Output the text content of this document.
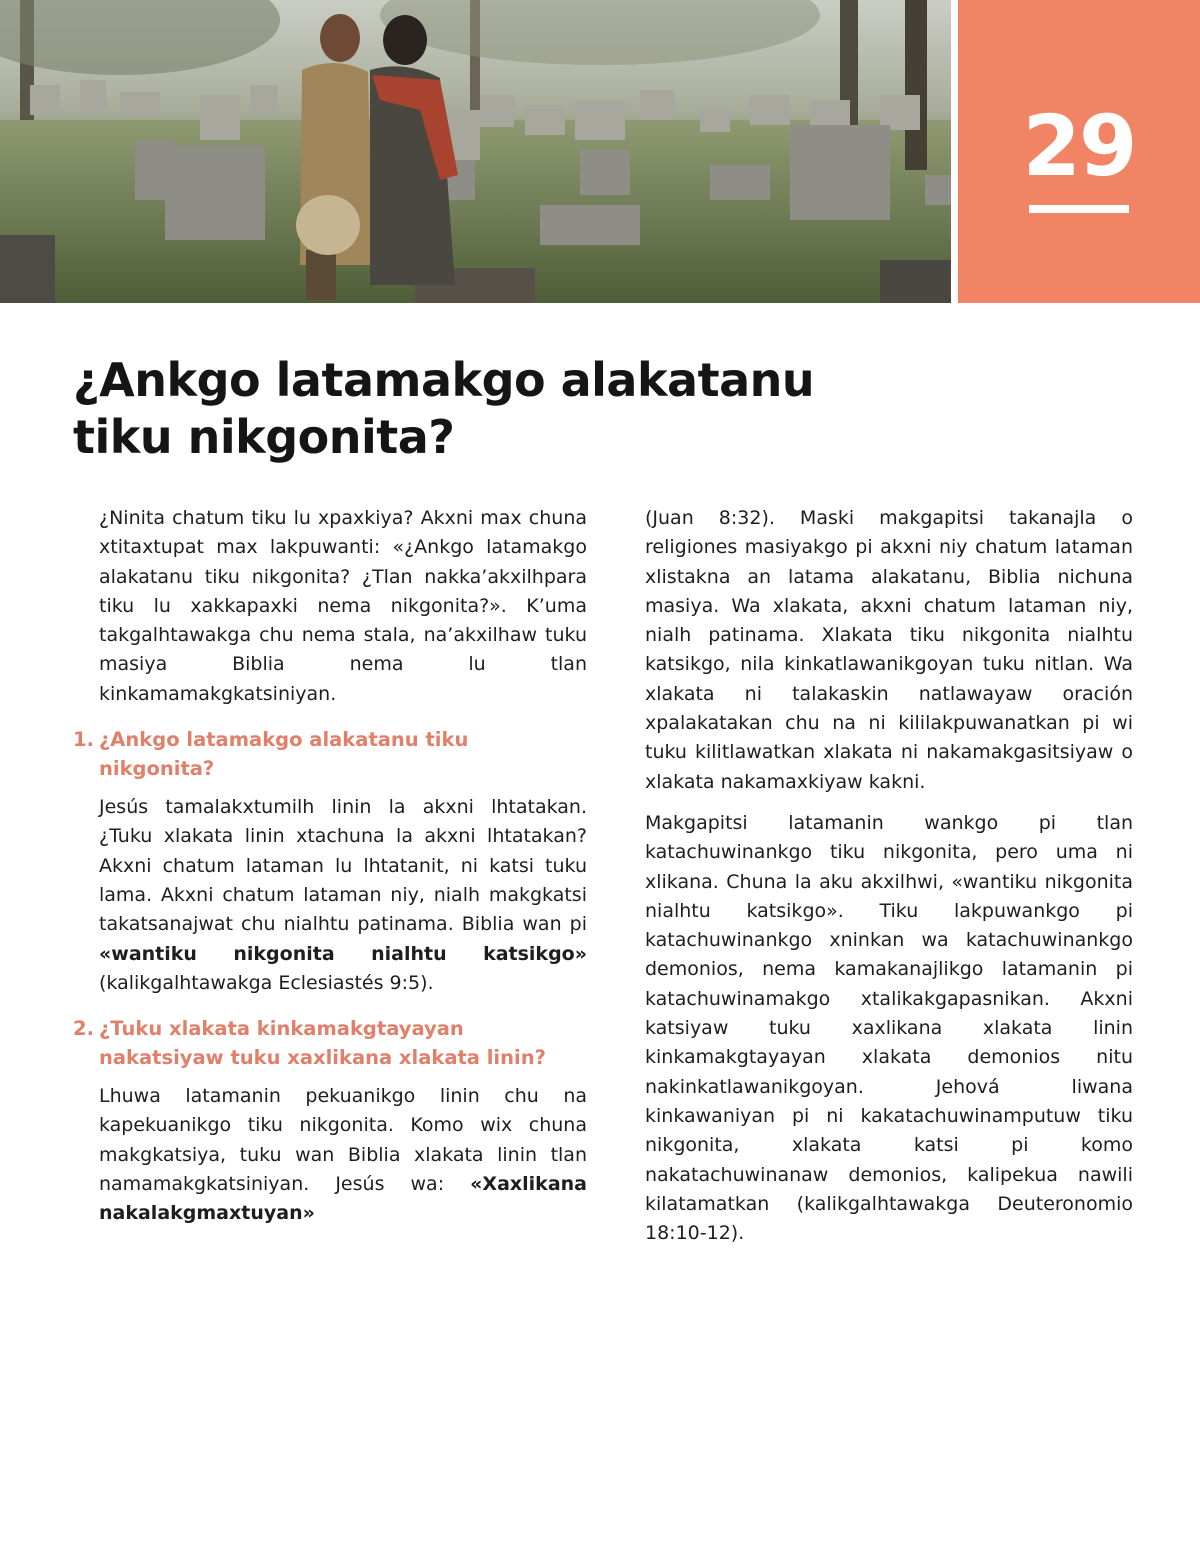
29
¿Ankgo latamakgo alakatanu tiku nikgonita?

¿Ninita chatum tiku lu xpaxkiya? Akxni max chuna xtitaxtupat max lakpuwanti: «¿Ankgo latamakgo alakatanu tiku nikgonita? ¿Tlan nakka’akxilhpara tiku lu xakkapaxki nema nikgonita?». K’uma takgalhtawakga chu nema stala, na’akxilhaw tuku masiya Biblia nema lu tlan kinkamamakgkatsiniyan.

1. ¿Ankgo latamakgo alakatanu tiku nikgonita?

Jesús tamalakxtumilh linin la akxni lhtatakan. ¿Tuku xlakata linin xtachuna la akxni lhtatakan? Akxni chatum lataman lu lhtatanit, ni katsi tuku lama. Akxni chatum lataman niy, nialh makgkatsi takatsanajwat chu nialhtu patinama. Biblia wan pi «wantiku nikgonita nialhtu katsikgo» (kalikgalhtawakga Eclesiastés 9:5).

2. ¿Tuku xlakata kinkamakgtayayan nakatsiyaw tuku xaxlikana xlakata linin?

Lhuwa latamanin pekuanikgo linin chu na kapekuanikgo tiku nikgonita. Komo wix chuna makgkatsiya, tuku wan Biblia xlakata linin tlan namamakgkatsiniyan. Jesús wa: «Xaxlikana nakalakgmaxtuyan»

(Juan 8:32). Maski makgapitsi takanajla o religiones masiyakgo pi akxni niy chatum lataman xlistakna an latama alakatanu, Biblia nichuna masiya. Wa xlakata, akxni chatum lataman niy, nialh patinama. Xlakata tiku nikgonita nialhtu katsikgo, nila kinkatlawanikgoyan tuku nitlan. Wa xlakata ni talakaskin natlawayaw oración xpalakatakan chu na ni kililakpuwanatkan pi wi tuku kilitlawatkan xlakata ni nakamakgasitsiyaw o xlakata nakamaxkiyaw kakni.

Makgapitsi latamanin wankgo pi tlan katachuwinankgo tiku nikgonita, pero uma ni xlikana. Chuna la aku akxilhwi, «wantiku nikgonita nialhtu katsikgo». Tiku lakpuwankgo pi katachuwinankgo xninkan wa katachuwinankgo demonios, nema kamakanajlikgo latamanin pi katachuwinamakgo xtalikakgapasnikan. Akxni katsiyaw tuku xaxlikana xlakata linin kinkamakgtayayan xlakata demonios nitu nakinkatlawanikgoyan. Jehová liwana kinkawaniyan pi ni kakatachuwinamputuw tiku nikgonita, xlakata katsi pi komo nakatachuwinanaw demonios, kalipekua nawili kilatamatkan (kalikgalhtawakga Deuteronomio 18:10-12).
